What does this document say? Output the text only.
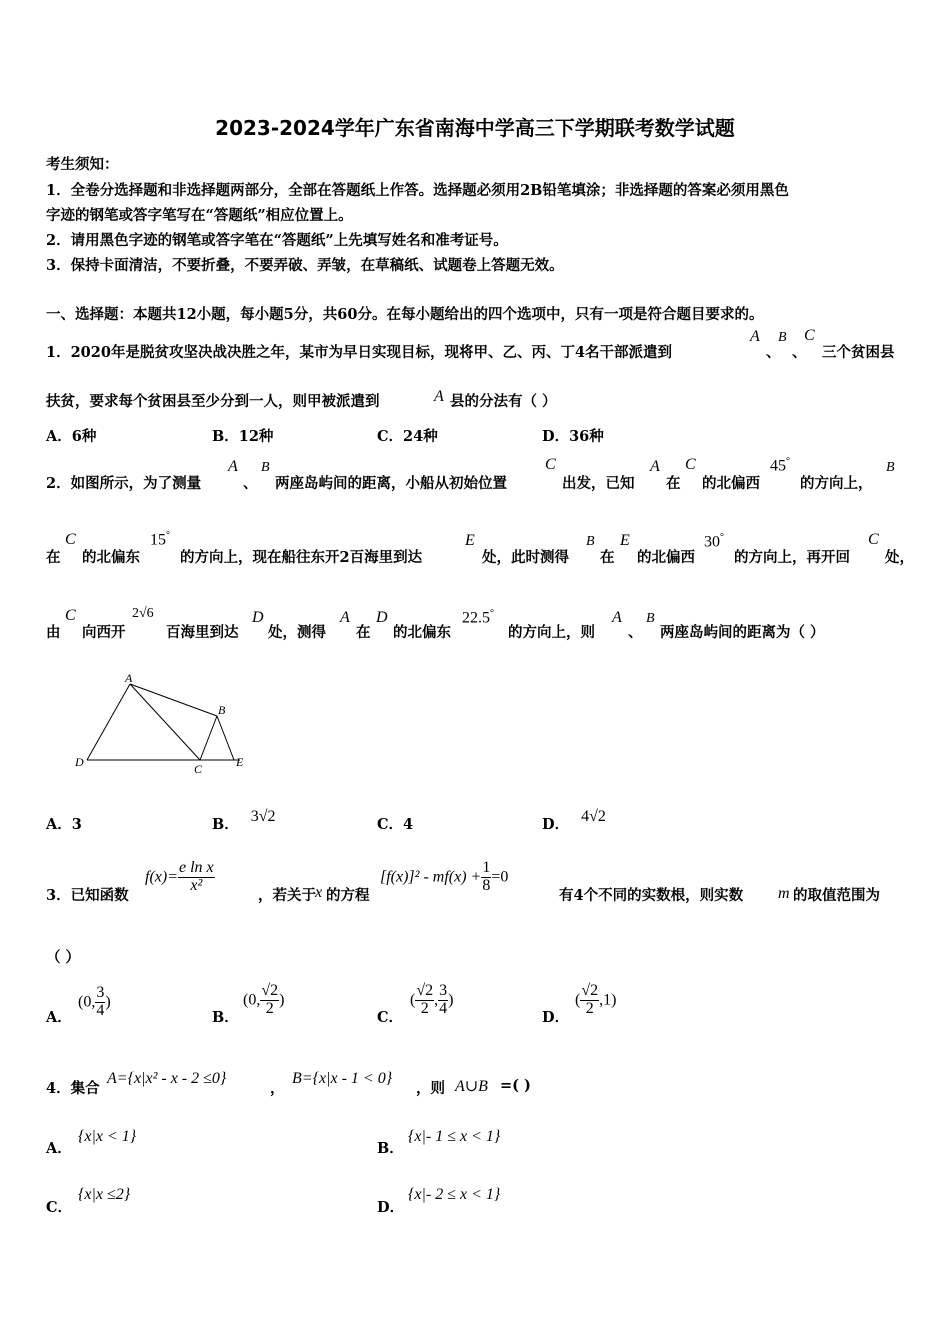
2023-2024学年广东省南海中学高三下学期联考数学试题
考生须知：
1．全卷分选择题和非选择题两部分，全部在答题纸上作答。选择题必须用2B铅笔填涂；非选择题的答案必须用黑色
字迹的钢笔或答字笔写在“答题纸”相应位置上。
2．请用黑色字迹的钢笔或答字笔在“答题纸”上先填写姓名和准考证号。
3．保持卡面清洁，不要折叠，不要弄破、弄皱，在草稿纸、试题卷上答题无效。
一、选择题：本题共12小题，每小题5分，共60分。在每小题给出的四个选项中，只有一项是符合题目要求的。
1．2020年是脱贫攻坚决战决胜之年，某市为早日实现目标，现将甲、乙、丙、丁4名干部派遣到
A
、
B
、
C
三个贫困县
扶贫，要求每个贫困县至少分到一人，则甲被派遣到	A 县的分法有（ ）
A．6种	B．12种	C．24种	D．36种
2．如图所示，为了测量
A
、
B
两座岛屿间的距离，小船从初始位置
C
出发，已知
A
在
C
的北偏西
45°
的方向上，
B
在
C
的北偏东
15°
的方向上，现在船往东开2百海里到达
E
处，此时测得
B
在
E
的北偏西
30°
的方向上，再开回
C
处，
由
C
向西开
2√6
百海里到达
D
处，测得
A
在
D
的北偏东
22.5°
的方向上，则
A
、
B
两座岛屿间的距离为（ ）
A
B
C
D	E
A．3	B． 3√2	C．4	D． 4√2
3．已知函数
$f(x)= \frac{\text{e ln x}}{\text{x²}}$
，若关于 x 的方程
$[f(x)]^2 - mf(x) + \frac{1}{8} =0$
有4个不同的实数根，则实数 m 的取值范围为
（ ）
A．
(0, $\frac{3}{4}$ )
B．
(0, $\frac{√2}{2}$ )
C．
( $\frac{√2}{2}$ , $\frac{3}{4}$ )
D．
( $\frac{√2}{2} ,1$)
4．集合
A={x|x² - x - 2 ≤0}
，
B={x|x - 1 < 0}
，则 A∪B =( )
A．
{x|x < 1}
B．
{x|- 1 ≤ x < 1}
C．
{x|x ≤2}
D．
{x|- 2 ≤ x < 1}
